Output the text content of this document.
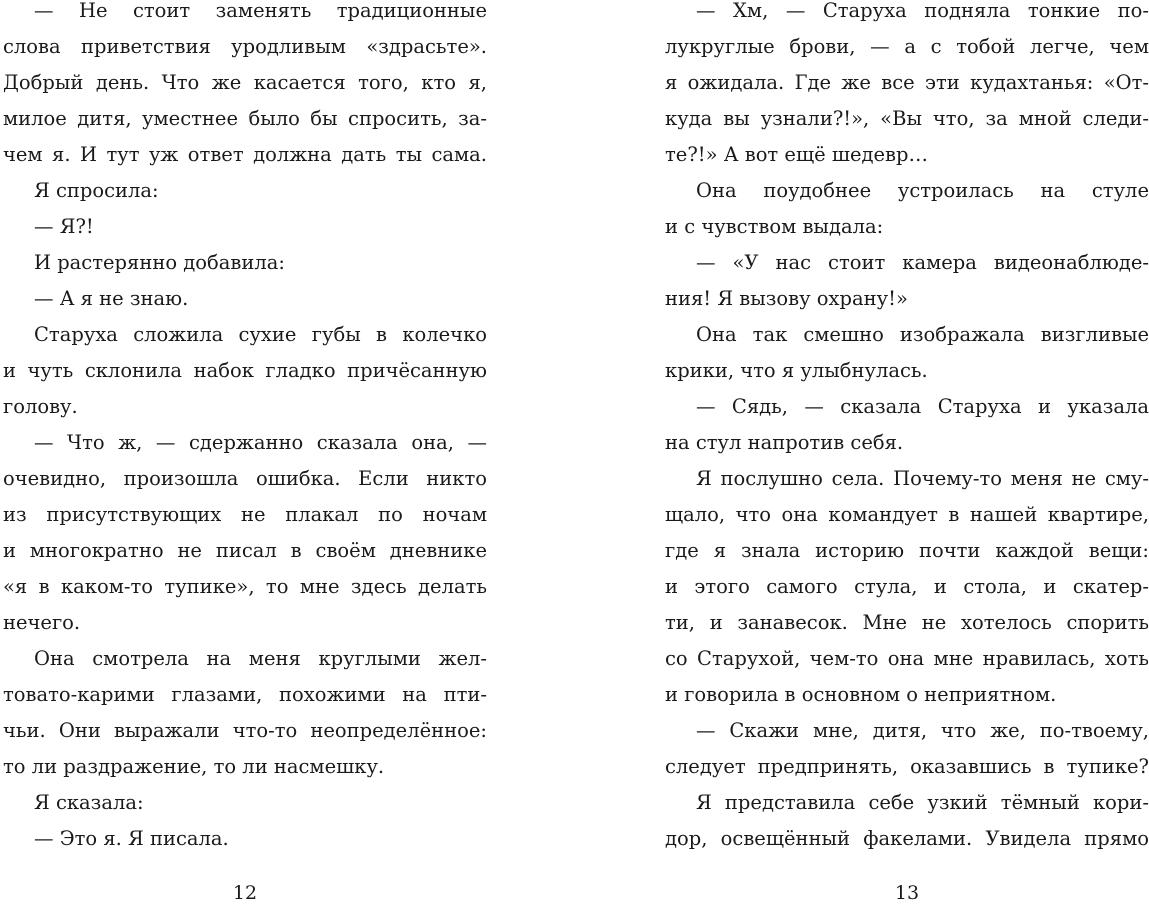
— Не стоит заменять традиционные
слова приветствия уродливым «здрасьте».
Добрый день. Что же касается того, кто я,
милое дитя, уместнее было бы спросить, за-
чем я. И тут уж ответ должна дать ты сама.
Я спросила:
— Я?!
И растерянно добавила:
— А я не знаю.
Старуха сложила сухие губы в колечко
и чуть склонила набок гладко причёсанную
голову.
— Что ж, — сдержанно сказала она, —
очевидно, произошла ошибка. Если никто
из присутствующих не плакал по ночам
и многократно не писал в своём дневнике
«я в каком-то тупике», то мне здесь делать
нечего.
Она смотрела на меня круглыми жел-
товато-карими глазами, похожими на пти-
чьи. Они выражали что-то неопределённое:
то ли раздражение, то ли насмешку.
Я сказала:
— Это я. Я писала.
12
— Хм, — Старуха подняла тонкие по-
лукруглые брови, — а с тобой легче, чем
я ожидала. Где же все эти кудахтанья: «От-
куда вы узнали?!», «Вы что, за мной следи-
те?!» А вот ещё шедевр…
Она поудобнее устроилась на стуле
и с чувством выдала:
— «У нас стоит камера видеонаблюде-
ния! Я вызову охрану!»
Она так смешно изображала визгливые
крики, что я улыбнулась.
— Сядь, — сказала Старуха и указала
на стул напротив себя.
Я послушно села. Почему-то меня не сму-
щало, что она командует в нашей квартире,
где я знала историю почти каждой вещи:
и этого самого стула, и стола, и скатер-
ти, и занавесок. Мне не хотелось спорить
со Старухой, чем-то она мне нравилась, хоть
и говорила в основном о неприятном.
— Скажи мне, дитя, что же, по-твоему,
следует предпринять, оказавшись в тупике?
Я представила себе узкий тёмный кори-
дор, освещённый факелами. Увидела прямо
13
